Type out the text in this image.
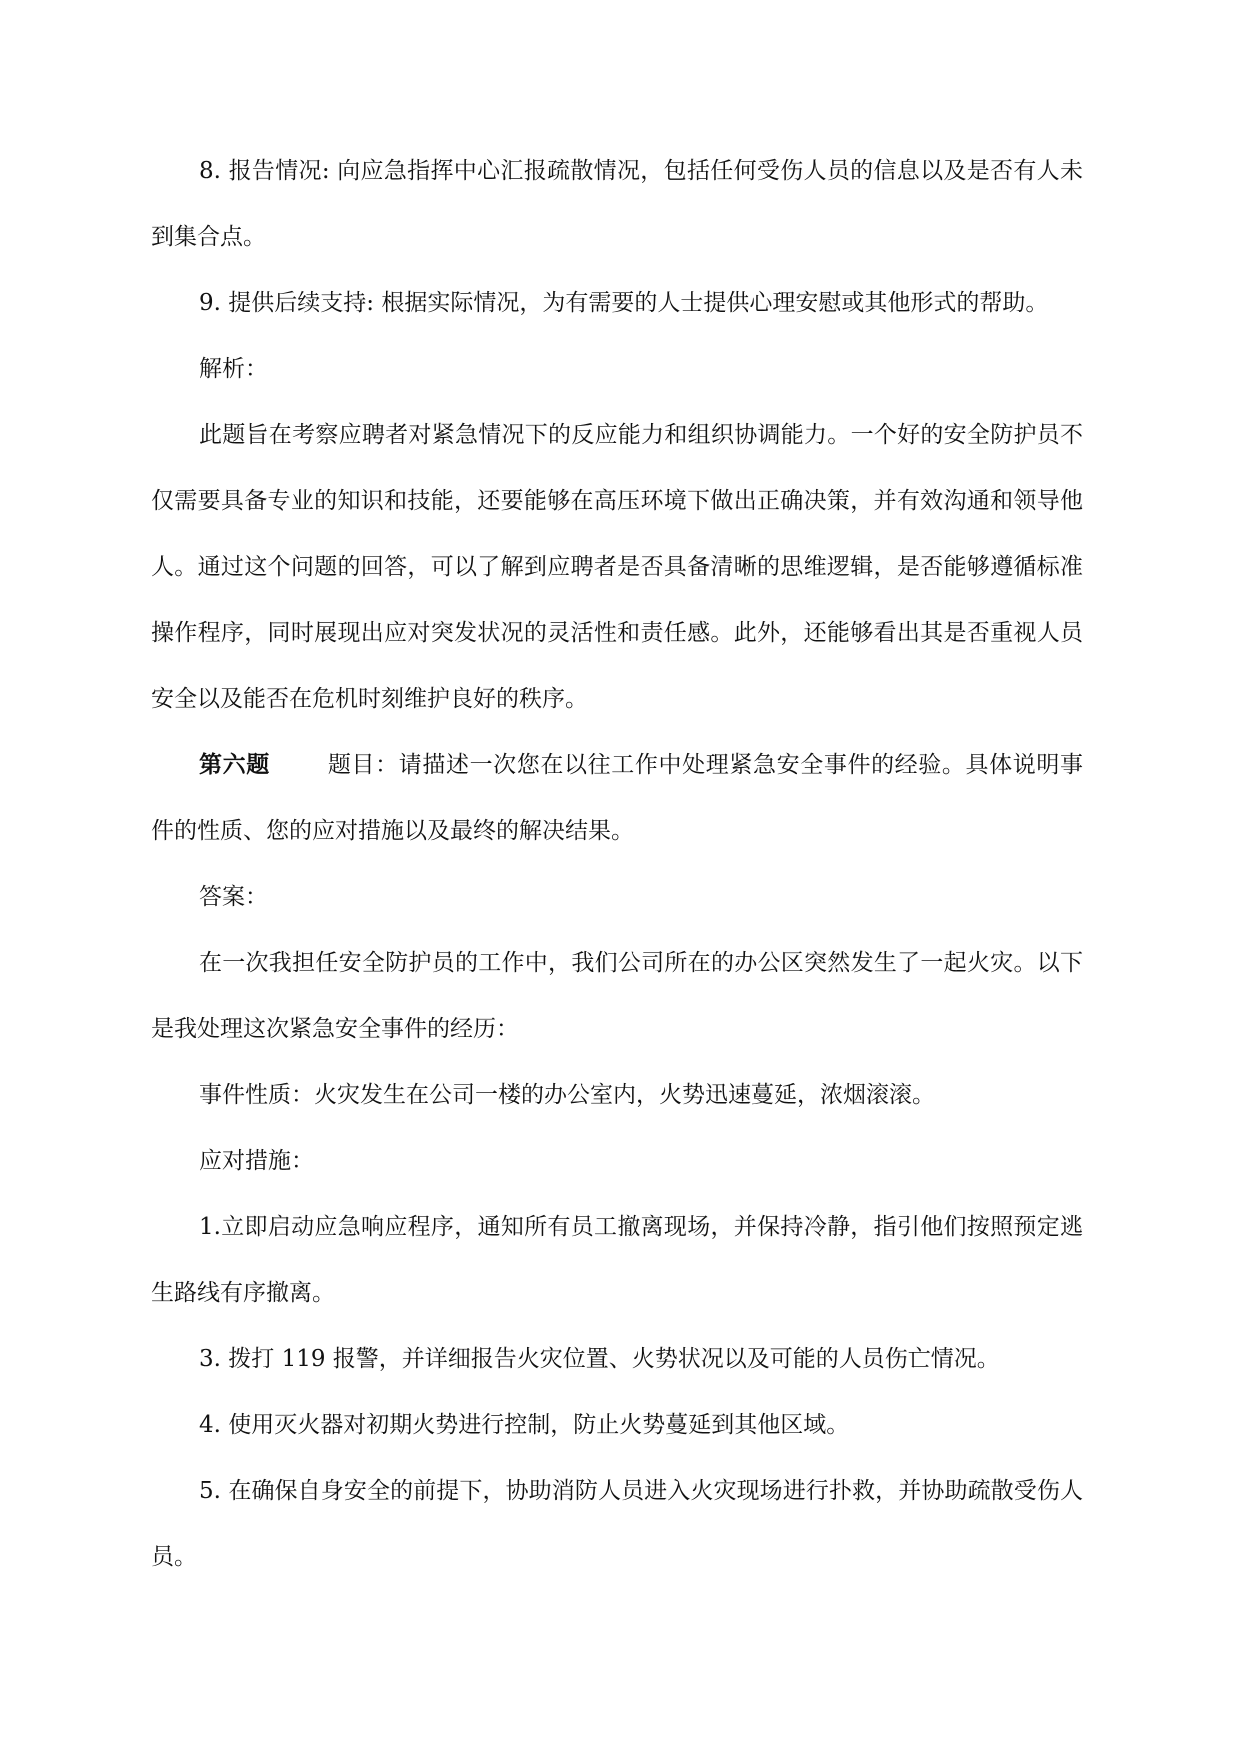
8. 报告情况: 向应急指挥中心汇报疏散情况，包括任何受伤人员的信息以及是否有人未到集合点。

9. 提供后续支持: 根据实际情况，为有需要的人士提供心理安慰或其他形式的帮助。

解析：

此题旨在考察应聘者对紧急情况下的反应能力和组织协调能力。一个好的安全防护员不仅需要具备专业的知识和技能，还要能够在高压环境下做出正确决策，并有效沟通和领导他人。通过这个问题的回答，可以了解到应聘者是否具备清晰的思维逻辑，是否能够遵循标准操作程序，同时展现出应对突发状况的灵活性和责任感。此外，还能够看出其是否重视人员安全以及能否在危机时刻维护良好的秩序。

第六题	题目：请描述一次您在以往工作中处理紧急安全事件的经验。具体说明事件的性质、您的应对措施以及最终的解决结果。

答案：

在一次我担任安全防护员的工作中，我们公司所在的办公区突然发生了一起火灾。以下是我处理这次紧急安全事件的经历：

事件性质：火灾发生在公司一楼的办公室内，火势迅速蔓延，浓烟滚滚。

应对措施：

1.立即启动应急响应程序，通知所有员工撤离现场，并保持冷静，指引他们按照预定逃生路线有序撤离。

3. 拨打 119 报警，并详细报告火灾位置、火势状况以及可能的人员伤亡情况。

4. 使用灭火器对初期火势进行控制，防止火势蔓延到其他区域。

5. 在确保自身安全的前提下，协助消防人员进入火灾现场进行扑救，并协助疏散受伤人员。
